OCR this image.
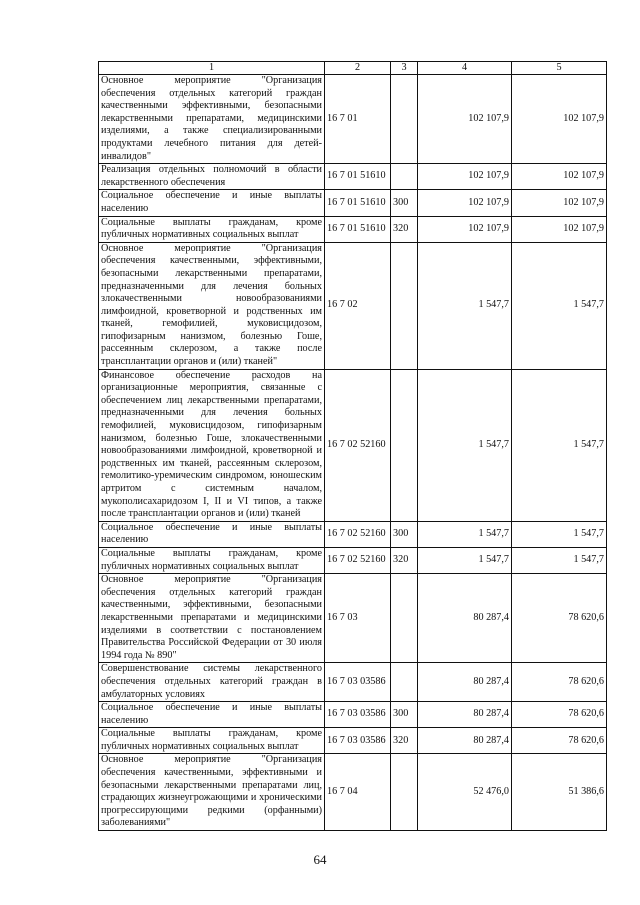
1	2	3	4	5
Основное мероприятие "Организация обеспечения отдельных категорий граждан качественными эффективными, безопасными лекарственными препаратами, медицинскими изделиями, а также специализированными продуктами лечебного питания для детей-инвалидов"	16 7 01		102 107,9	102 107,9
Реализация отдельных полномочий в области лекарственного обеспечения	16 7 01 51610		102 107,9	102 107,9
Социальное обеспечение и иные выплаты населению	16 7 01 51610	300	102 107,9	102 107,9
Социальные выплаты гражданам, кроме публичных нормативных социальных выплат	16 7 01 51610	320	102 107,9	102 107,9
Основное мероприятие "Организация обеспечения качественными, эффективными, безопасными лекарственными препаратами, предназначенными для лечения больных злокачественными новообразованиями лимфоидной, кроветворной и родственных им тканей, гемофилией, муковисцидозом, гипофизарным нанизмом, болезнью Гоше, рассеянным склерозом, а также после трансплантации органов и (или) тканей"	16 7 02		1 547,7	1 547,7
Финансовое обеспечение расходов на организационные мероприятия, связанные с обеспечением лиц лекарственными препаратами, предназначенными для лечения больных гемофилией, муковисцидозом, гипофизарным нанизмом, болезнью Гоше, злокачественными новообразованиями лимфоидной, кроветворной и родственных им тканей, рассеянным склерозом, гемолитико-уремическим синдромом, юношеским артритом с системным началом, мукополисахаридозом I, II и VI типов, а также после трансплантации органов и (или) тканей	16 7 02 52160		1 547,7	1 547,7
Социальное обеспечение и иные выплаты населению	16 7 02 52160	300	1 547,7	1 547,7
Социальные выплаты гражданам, кроме публичных нормативных социальных выплат	16 7 02 52160	320	1 547,7	1 547,7
Основное мероприятие "Организация обеспечения отдельных категорий граждан качественными, эффективными, безопасными лекарственными препаратами и медицинскими изделиями в соответствии с постановлением Правительства Российской Федерации от 30 июля 1994 года № 890"	16 7 03		80 287,4	78 620,6
Совершенствование системы лекарственного обеспечения отдельных категорий граждан в амбулаторных условиях	16 7 03 03586		80 287,4	78 620,6
Социальное обеспечение и иные выплаты населению	16 7 03 03586	300	80 287,4	78 620,6
Социальные выплаты гражданам, кроме публичных нормативных социальных выплат	16 7 03 03586	320	80 287,4	78 620,6
Основное мероприятие "Организация обеспечения качественными, эффективными и безопасными лекарственными препаратами лиц, страдающих жизнеугрожающими и хроническими прогрессирующими редкими (орфанными) заболеваниями"	16 7 04		52 476,0	51 386,6
64
